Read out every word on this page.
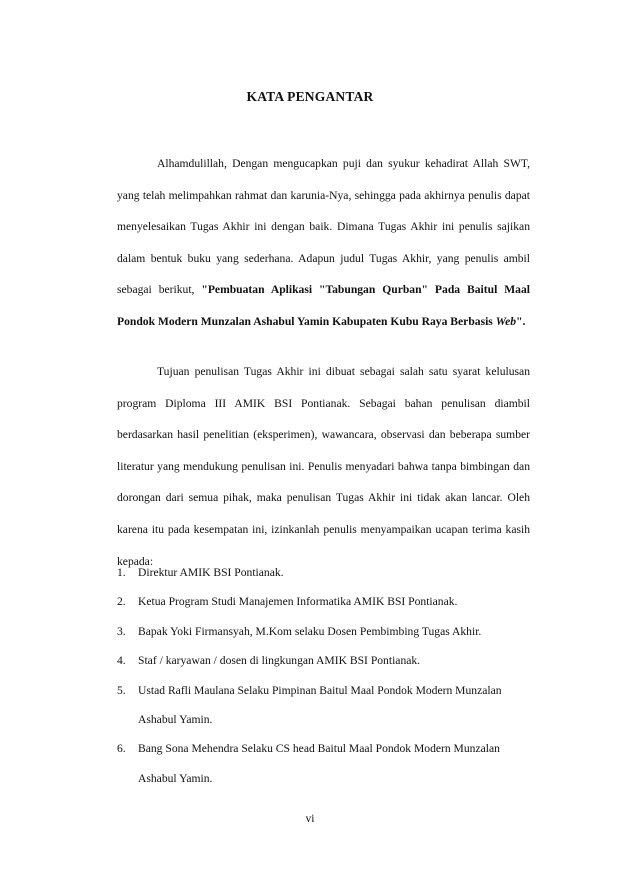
KATA PENGANTAR

Alhamdulillah, Dengan mengucapkan puji dan syukur kehadirat Allah SWT, yang telah melimpahkan rahmat dan karunia-Nya, sehingga pada akhirnya penulis dapat menyelesaikan Tugas Akhir ini dengan baik. Dimana Tugas Akhir ini penulis sajikan dalam bentuk buku yang sederhana. Adapun judul Tugas Akhir, yang penulis ambil sebagai berikut, "Pembuatan Aplikasi "Tabungan Qurban" Pada Baitul Maal Pondok Modern Munzalan Ashabul Yamin Kabupaten Kubu Raya Berbasis Web".

Tujuan penulisan Tugas Akhir ini dibuat sebagai salah satu syarat kelulusan program Diploma III AMIK BSI Pontianak. Sebagai bahan penulisan diambil berdasarkan hasil penelitian (eksperimen), wawancara, observasi dan beberapa sumber literatur yang mendukung penulisan ini. Penulis menyadari bahwa tanpa bimbingan dan dorongan dari semua pihak, maka penulisan Tugas Akhir ini tidak akan lancar. Oleh karena itu pada kesempatan ini, izinkanlah penulis menyampaikan ucapan terima kasih kepada:

1. Direktur AMIK BSI Pontianak.
2. Ketua Program Studi Manajemen Informatika AMIK BSI Pontianak.
3. Bapak Yoki Firmansyah, M.Kom selaku Dosen Pembimbing Tugas Akhir.
4. Staf / karyawan / dosen di lingkungan AMIK BSI Pontianak.
5. Ustad Rafli Maulana Selaku Pimpinan Baitul Maal Pondok Modern Munzalan Ashabul Yamin.
6. Bang Sona Mehendra Selaku CS head Baitul Maal Pondok Modern Munzalan Ashabul Yamin.
vi
